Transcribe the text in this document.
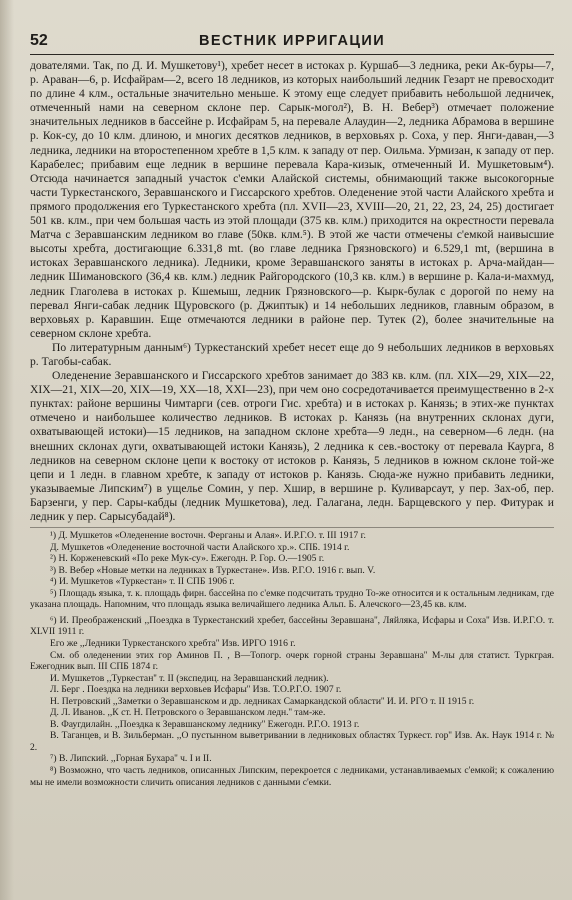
52	ВЕСТНИК ИРРИГАЦИИ

дователями. Так, по Д. И. Мушкетову¹), хребет несет в истоках р. Куршаб—3 ледника, реки Ак-буры—7, р. Араван—6, р. Исфайрам—2, всего 18 ледников, из которых наибольший ледник Гезарт не превосходит по длине 4 клм., остальные значительно меньше. К этому еще следует прибавить небольшой ледничек, отмеченный нами на северном склоне пер. Сарык-могол²), В. Н. Вебер³) отмечает положение значительных ледников в бассейне р. Исфайрам 5, на перевале Алаудин—2, ледника Абрамова в вершине р. Кок-су, до 10 клм. длиною, и многих десятков ледников, в верховьях р. Соха, у пер. Янги-даван,—3 ледника, ледники на второстепенном хребте в 1,5 клм. к западу от пер. Оильма. Урмизан, к западу от пер. Карабелес; прибавим еще ледник в вершине перевала Кара-кизык, отмеченный И. Мушкетовым⁴). Отсюда начинается западный участок с'емки Алайской системы, обнимающий также высокогорные части Туркестанского, Зеравшанского и Гиссарского хребтов. Оледенение этой части Алайского хребта и прямого продолжения его Туркестанского хребта (пл. XVII—23, XVIII—20, 21, 22, 23, 24, 25) достигает 501 кв. клм., при чем большая часть из этой площади (375 кв. клм.) приходится на окрестности перевала Матча с Зеравшанским ледником во главе (50кв. клм.⁵). В этой же части отмечены с'емкой наивысшие высоты хребта, достигающие 6.331,8 mt. (во главе ледника Грязновского) и 6.529,1 mt, (вершина в истоках Зеравшанского ледника). Ледники, кроме Зеравшанского заняты в истоках р. Арча-майдан—ледник Шимановского (36,4 кв. клм.) ледник Райгородского (10,3 кв. клм.) в вершине р. Кала-и-махмуд, ледник Глаголева в истоках р. Кшемыш, ледник Грязновского—р. Кырк-булак с дорогой по нему на перевал Янги-сабак ледник Щуровского (р. Джиптык) и 14 небольших ледников, главным образом, в верховьях р. Каравшин. Еще отмечаются ледники в районе пер. Тутек (2), более значительные на северном склоне хребта.

По литературным данным⁶) Туркестанский хребет несет еще до 9 небольших ледников в верховьях р. Тагобы-сабак.

Оледенение Зеравшанского и Гиссарского хребтов занимает до 383 кв. клм. (пл. XIX—29, XIX—22, XIX—21, XIX—20, XIX—19, XX—18, XXI—23), при чем оно сосредотачивается преимущественно в 2-х пунктах: районе вершины Чимтарги (сев. отроги Гис. хребта) и в истоках р. Канязь; в этих-же пунктах отмечено и наибольшее количество ледников. В истоках р. Канязь (на внутренних склонах дуги, охватывающей истоки)—15 ледников, на западном склоне хребта—9 ледн., на северном—6 ледн. (на внешних склонах дуги, охватывающей истоки Канязь), 2 ледника к сев.-востоку от перевала Каурга, 8 ледников на северном склоне цепи к востоку от истоков р. Канязь, 5 ледников в южном склоне той-же цепи и 1 ледн. в главном хребте, к западу от истоков р. Канязь. Сюда-же нужно прибавить ледники, указываемые Липским⁷) в ущелье Сомин, у пер. Хшир, в вершине р. Куливарсаут, у пер. Зах-об, пер. Барзенги, у пер. Сары-кабды (ледник Мушкетова), лед. Галагана, ледн. Барщевского у пер. Фитурак и ледник у пер. Сарысубадай⁸).

¹) Д. Мушкетов «Оледенение восточн. Ферганы и Алая». И.Р.Г.О. т. III 1917 г.

Д. Мушкетов «Оледенение восточной части Алайского хр.». СПБ. 1914 г.

²) Н. Корженевский «По реке Мук-су». Ежегодн. Р. Гор. О.—1905 г.

³) В. Вебер «Новые метки на ледниках в Туркестане». Изв. Р.Г.О. 1916 г. вып. V.

⁴) И. Мушкетов «Туркестан» т. II СПБ 1906 г.

⁵) Площадь языка, т. к. площадь фирн. бассейна по с'емке подсчитать трудно То-же относится и к остальным ледникам, где указана площадь. Напомним, что площадь языка величайшего ледника Альп. Б. Алечского—23,45 кв. клм.

⁶) И. Преображенский ,,Поездка в Туркестанский хребет, бассейны Зеравшана'', Ляйляка, Исфары и Соха'' Изв. И.Р.Г.О. т. XLVII 1911 г.

Его же ,,Ледники Туркестанского хребта'' Изв. ИРГО 1916 г.

См. об оледенении этих гор Аминов П. , В—Топогр. очерк горной страны Зеравшана'' М-лы для статист. Туркграя. Ежегодник вып. III СПБ 1874 г.

И. Мушкетов ,,Туркестан'' т. II (экспедиц. на Зеравшанский ледник).

Л. Берг . Поездка на ледники верховьев Исфары'' Изв. Т.О.Р.Г.О. 1907 г.

Н. Петровский ,,Заметки о Зеравшанском и др. ледниках Самаркандской области'' И. И. РГО т. II 1915 г.

Д. Л. Иванов. ,,К ст. Н. Петровского о Зеравшанском ледн.'' там-же.

В. Фаугдилайн. ,,Поездка к Зеравшанскому леднику'' Ежегодн. Р.Г.О. 1913 г.

В. Таганцев, и В. Зильберман. ,,О пустынном выветривании в ледниковых областях Туркест. гор'' Изв. Ак. Наук 1914 г. № 2.

⁷) В. Липский. ,,Горная Бухара'' ч. I и II.

⁸) Возможно, что часть ледников, описанных Липским, перекроется с ледниками, устанавливаемых с'емкой; к сожалению мы не имели возможности сличить описания ледников с данными с'емки.
